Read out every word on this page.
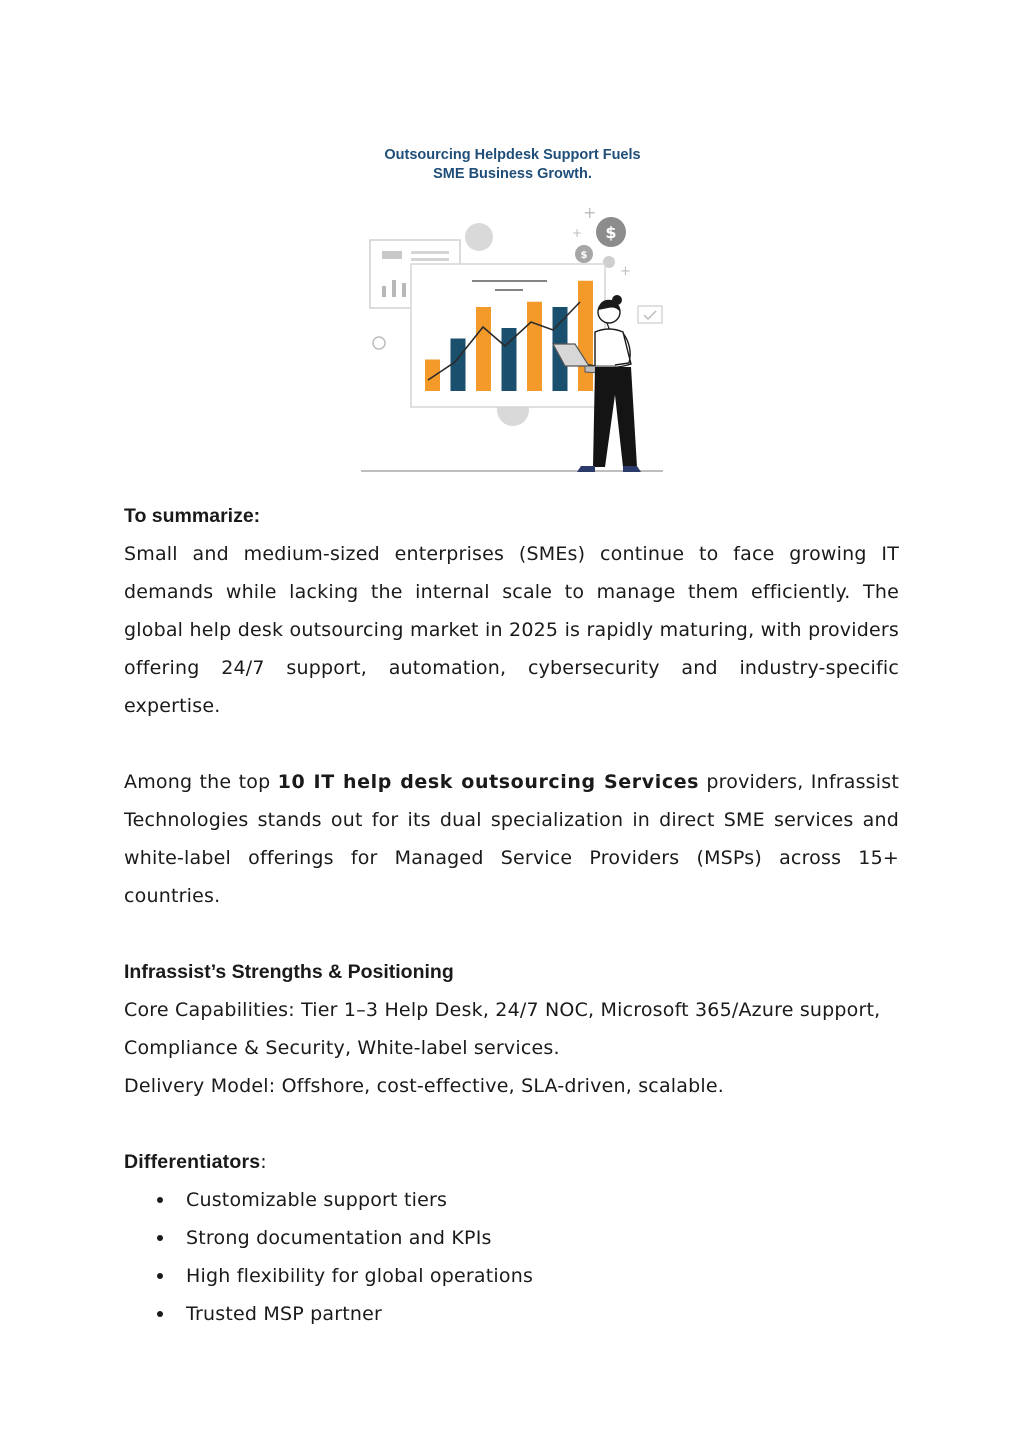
+
+
+
$
$
Outsourcing Helpdesk Support Fuels
SME Business Growth.

To summarize:

Small and medium-sized enterprises (SMEs) continue to face growing IT demands while lacking the internal scale to manage them efficiently. The global help desk outsourcing market in 2025 is rapidly maturing, with providers offering 24/7 support, automation, cybersecurity and industry-specific expertise.

Among the top 10 IT help desk outsourcing Services providers, Infrassist Technologies stands out for its dual specialization in direct SME services and white-label offerings for Managed Service Providers (MSPs) across 15+ countries.

Infrassist’s Strengths & Positioning

Core Capabilities: Tier 1–3 Help Desk, 24/7 NOC, Microsoft 365/Azure support, Compliance & Security, White-label services.

Delivery Model: Offshore, cost-effective, SLA-driven, scalable.

Differentiators:

Customizable support tiers
Strong documentation and KPIs
High flexibility for global operations
Trusted MSP partner
